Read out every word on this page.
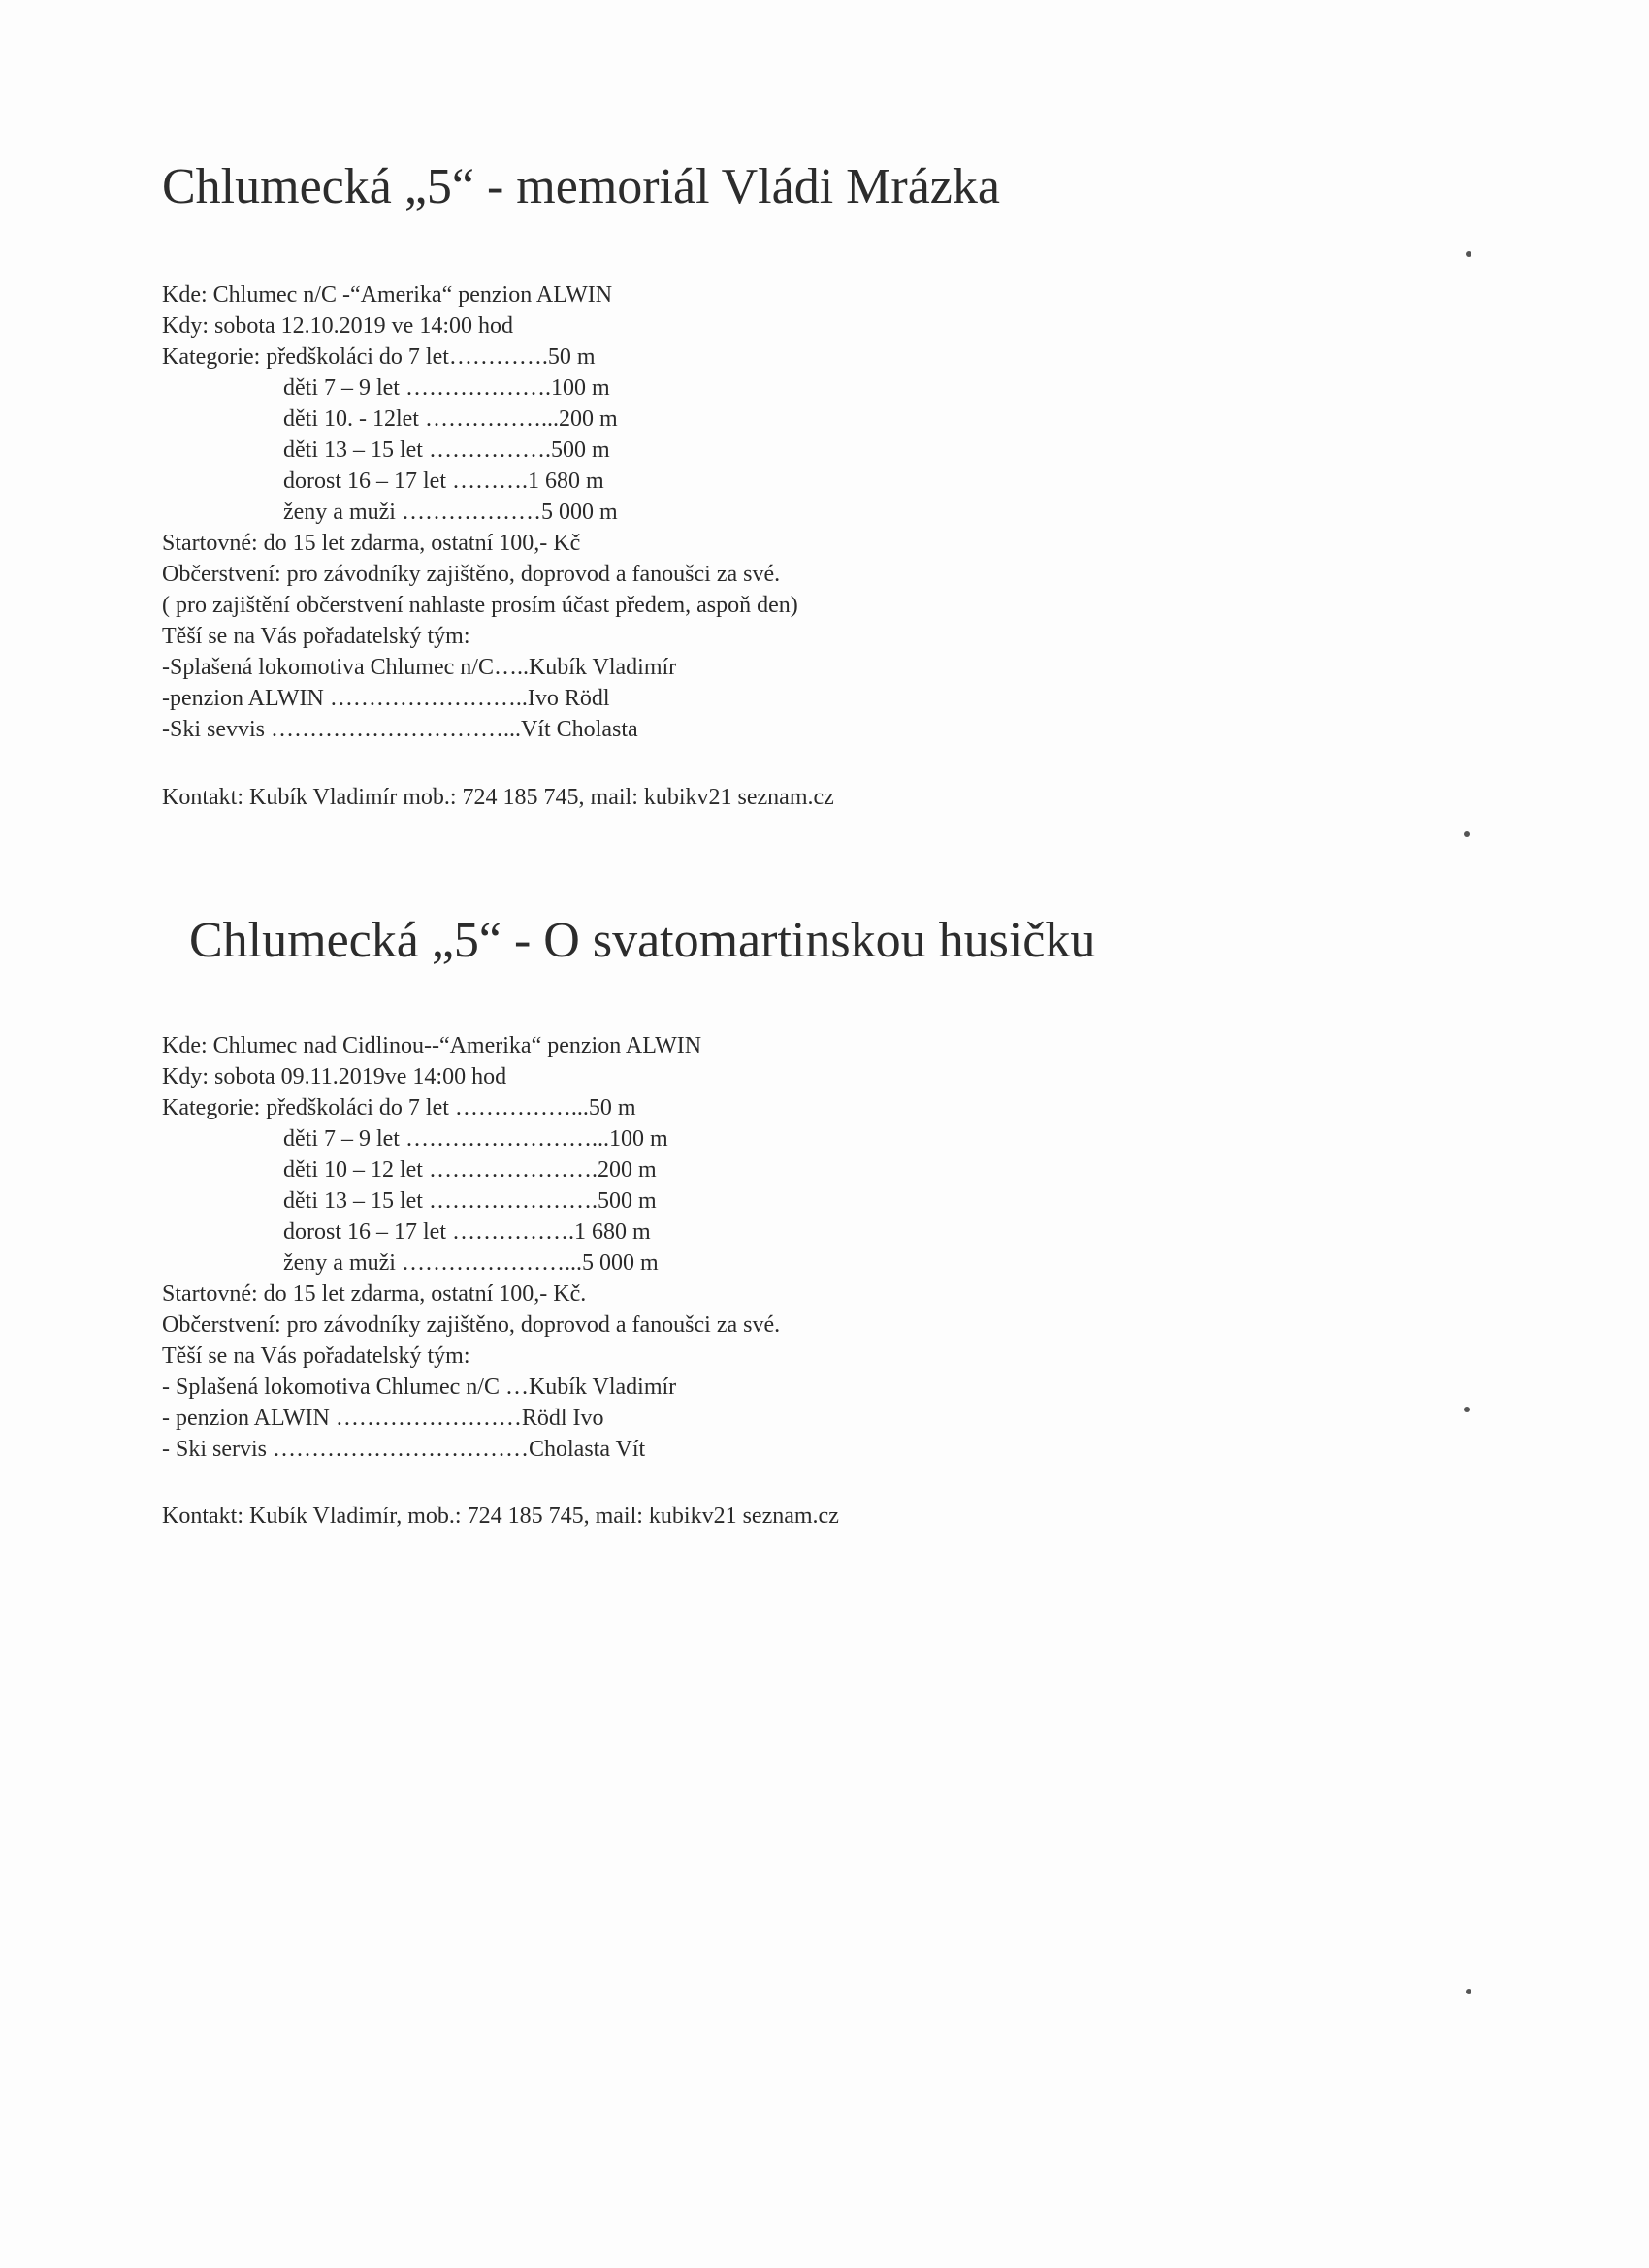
Chlumecká „5“ - memoriál Vládi Mrázka
Kde: Chlumec n/C -“Amerika“ penzion ALWIN
Kdy: sobota 12.10.2019 ve 14:00 hod
Kategorie: předškoláci do 7 let………….50 m
děti 7 – 9 let ……………….100 m
děti 10. - 12let ……………...200 m
děti 13 – 15 let …………….500 m
dorost 16 – 17 let ……….1 680 m
ženy a muži ………………5 000 m
Startovné: do 15 let zdarma, ostatní 100,- Kč
Občerstvení: pro závodníky zajištěno, doprovod a fanoušci za své.
( pro zajištění občerstvení nahlaste prosím účast předem, aspoň den)
Těší se na Vás pořadatelský tým:
-Splašená lokomotiva Chlumec n/C…..Kubík Vladimír
-penzion ALWIN ……………………..Ivo Rödl
-Ski sevvis …………………………...Vít Cholasta

Kontakt: Kubík Vladimír mob.: 724 185 745, mail: kubikv21 seznam.cz

Chlumecká „5“ - O svatomartinskou husičku
Kde: Chlumec nad Cidlinou--“Amerika“ penzion ALWIN
Kdy: sobota 09.11.2019ve 14:00 hod
Kategorie: předškoláci do 7 let ……………...50 m
děti 7 – 9 let ……………………...100 m
děti 10 – 12 let ………………….200 m
děti 13 – 15 let ………………….500 m
dorost 16 – 17 let …………….1 680 m
ženy a muži …………………...5 000 m
Startovné: do 15 let zdarma, ostatní 100,- Kč.
Občerstvení: pro závodníky zajištěno, doprovod a fanoušci za své.
Těší se na Vás pořadatelský tým:
- Splašená lokomotiva Chlumec n/C …Kubík Vladimír
- penzion ALWIN ……………………Rödl Ivo
- Ski servis ……………………………Cholasta Vít

Kontakt: Kubík Vladimír, mob.: 724 185 745, mail: kubikv21 seznam.cz
